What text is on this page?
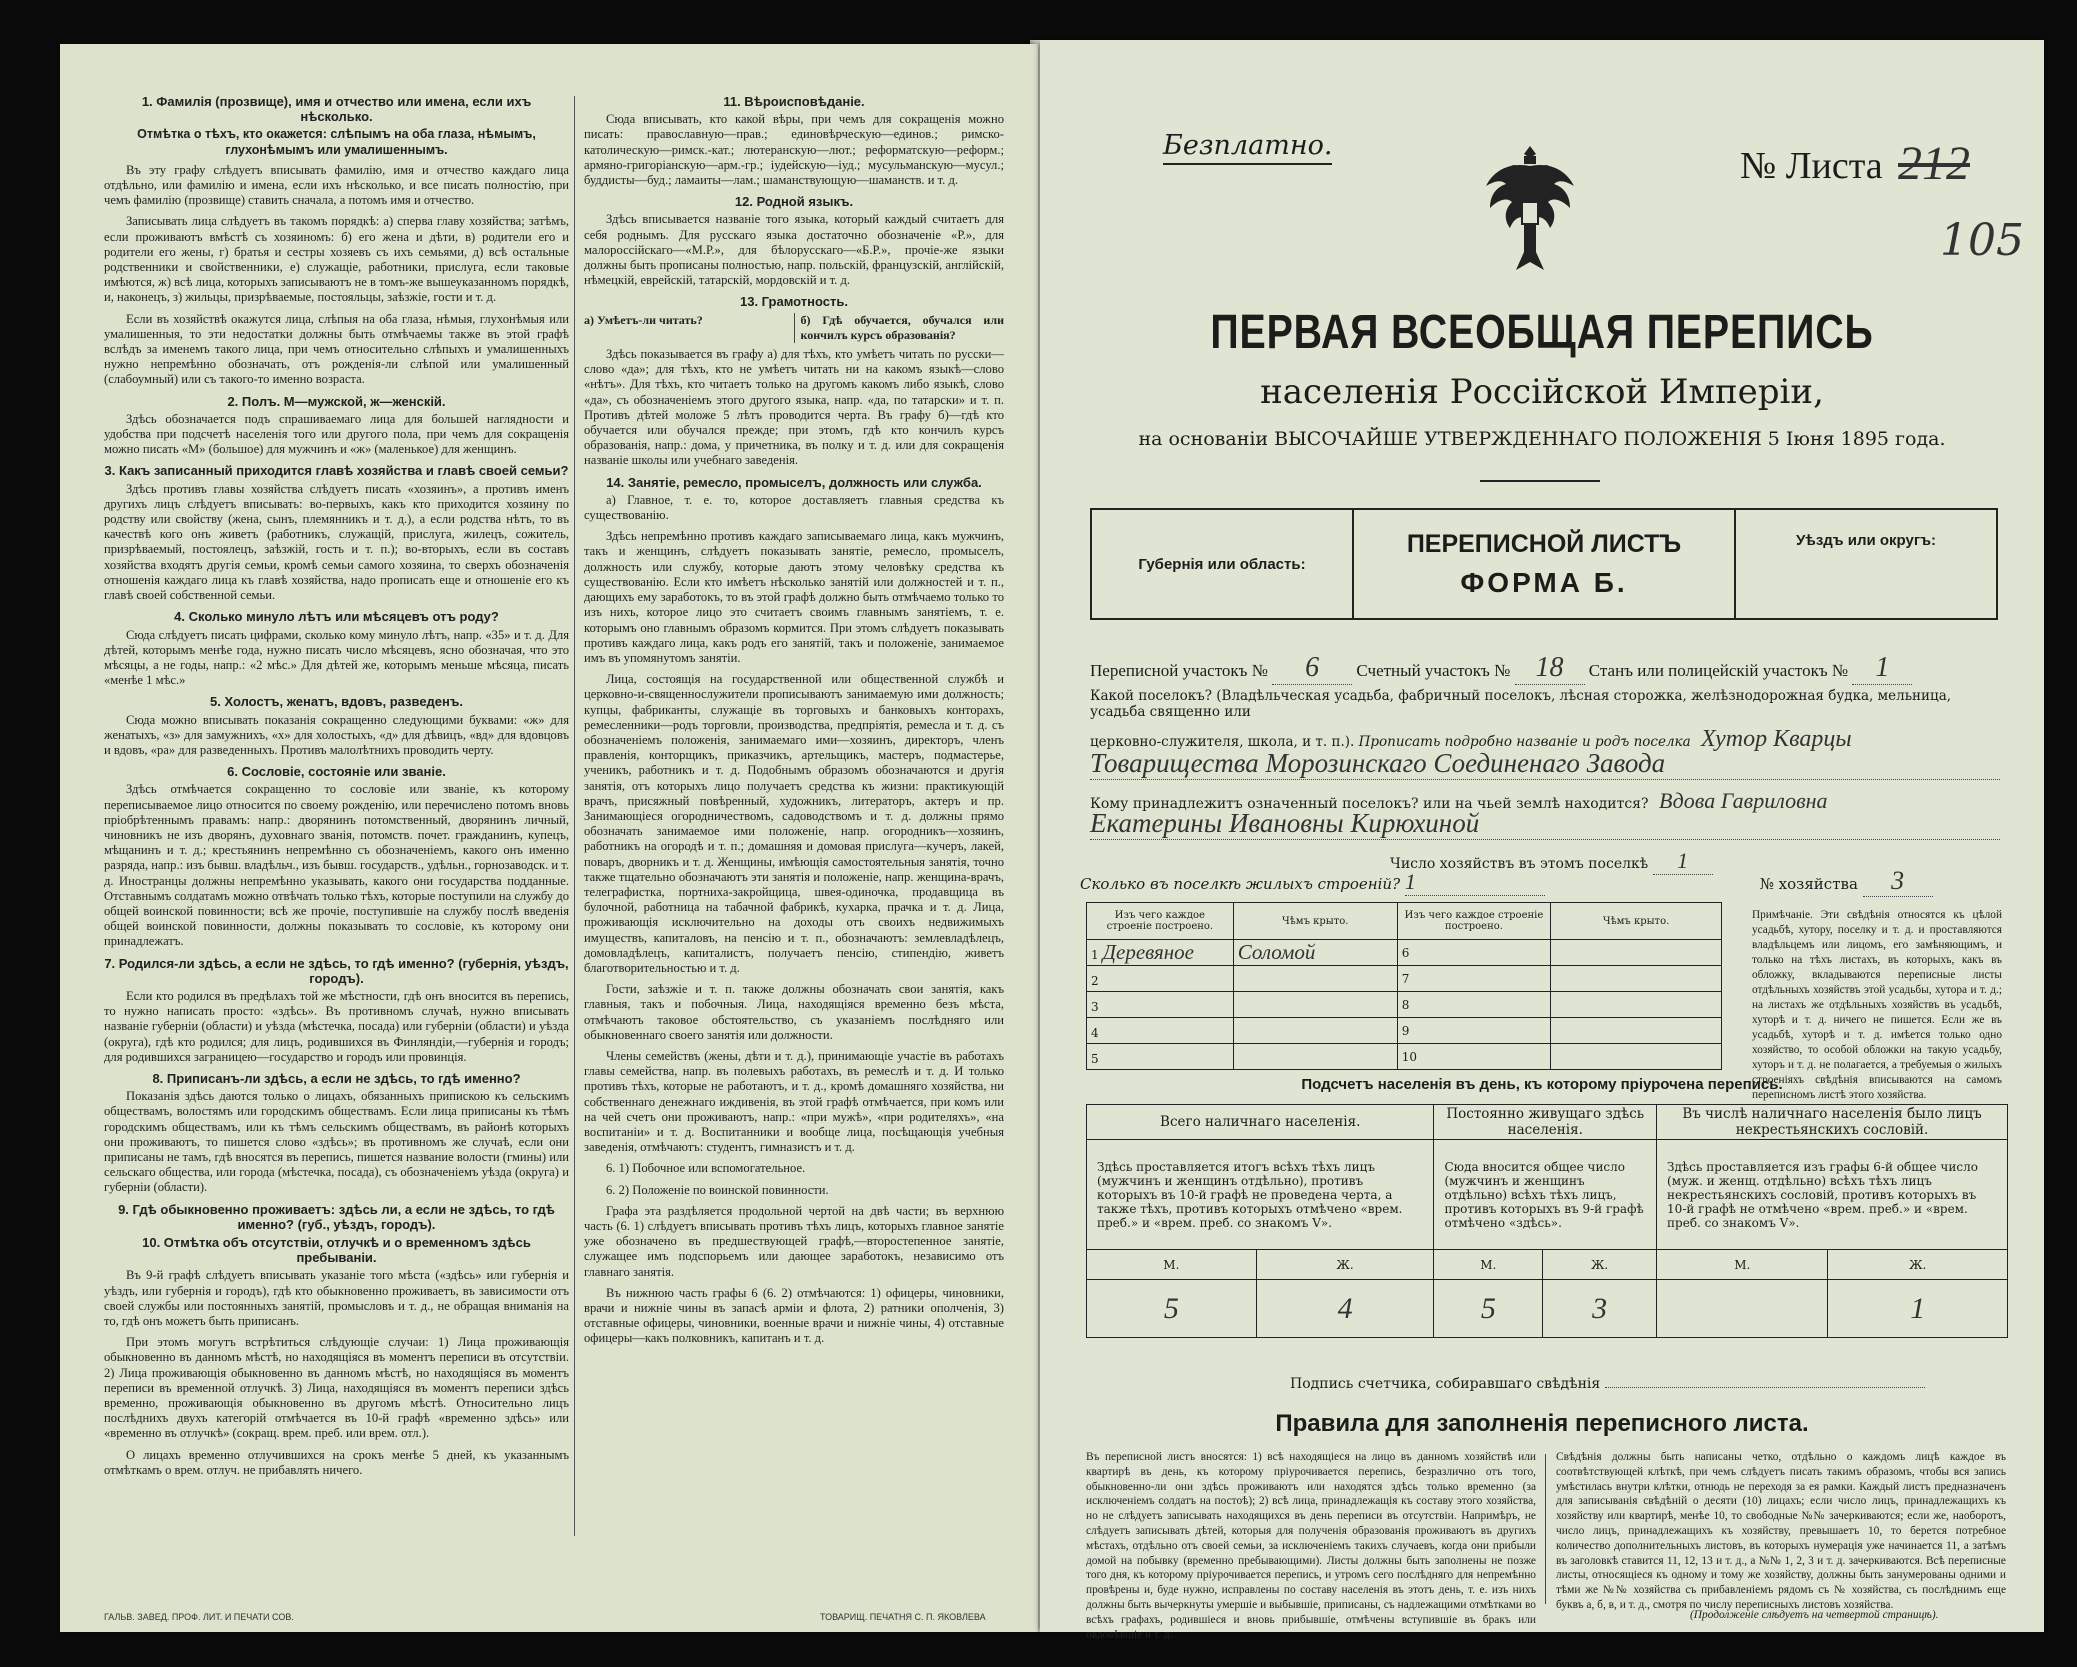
1. Фамилія (прозвище), имя и отчество или имена, если ихъ нѣсколько.
Отмѣтка о тѣхъ, кто окажется: слѣпымъ на оба глаза, нѣмымъ, глухонѣмымъ или умалишеннымъ.

Въ эту графу слѣдуетъ вписывать фамилію, имя и отчество каждаго лица отдѣльно, или фамилію и имена, если ихъ нѣсколько, и все писать полностію, при чемъ фамилію (прозвище) ставить сначала, а потомъ имя и отчество.

Записывать лица слѣдуетъ въ такомъ порядкѣ: а) сперва главу хозяйства; затѣмъ, если проживаютъ вмѣстѣ съ хозяиномъ: б) его жена и дѣти, в) родители его и родители его жены, г) братья и сестры хозяевъ съ ихъ семьями, д) всѣ остальные родственники и свойственники, е) служащіе, работники, прислуга, если таковые имѣются, ж) всѣ лица, которыхъ записываютъ не в томъ-же вышеуказанномъ порядкѣ, и, наконецъ, з) жильцы, призрѣваемые, постояльцы, заѣзжіе, гости и т. д.

Если въ хозяйствѣ окажутся лица, слѣпыя на оба глаза, нѣмыя, глухонѣмыя или умалишенныя, то эти недостатки должны быть отмѣчаемы также въ этой графѣ вслѣдъ за именемъ такого лица, при чемъ относительно слѣпыхъ и умалишенныхъ нужно непремѣнно обозначать, отъ рожденія-ли слѣпой или умалишенный (слабоумный) или съ такого-то именно возраста.

2. Полъ. М—мужской, ж—женскій.

Здѣсь обозначается подъ спрашиваемаго лица для большей наглядности и удобства при подсчетѣ населенія того или другого пола, при чемъ для сокращенія можно писать «М» (большое) для мужчинъ и «ж» (маленькое) для женщинъ.

3. Какъ записанный приходится главѣ хозяйства и главѣ своей семьи?

Здѣсь противъ главы хозяйства слѣдуетъ писать «хозяинъ», а противъ именъ другихъ лицъ слѣдуетъ вписывать: во-первыхъ, какъ кто приходится хозяину по родству или свойству (жена, сынъ, племянникъ и т. д.), а если родства нѣтъ, то въ качествѣ кого онъ живетъ (работникъ, служащій, прислуга, жилецъ, сожитель, призрѣваемый, постоялецъ, заѣзжій, гость и т. п.); во-вторыхъ, если въ составъ хозяйства входятъ другія семьи, кромѣ семьи самого хозяина, то сверхъ обозначенія отношенія каждаго лица къ главѣ хозяйства, надо прописать еще и отношеніе его къ главѣ своей собственной семьи.

4. Сколько минуло лѣтъ или мѣсяцевъ отъ роду?

Сюда слѣдуетъ писать цифрами, сколько кому минуло лѣтъ, напр. «35» и т. д. Для дѣтей, которымъ менѣе года, нужно писать число мѣсяцевъ, ясно обозначая, что это мѣсяцы, а не годы, напр.: «2 мѣс.» Для дѣтей же, которымъ меньше мѣсяца, писать «менѣе 1 мѣс.»

5. Холостъ, женатъ, вдовъ, разведенъ.

Сюда можно вписывать показанія сокращенно следующими буквами: «ж» для женатыхъ, «з» для замужнихъ, «х» для холостыхъ, «д» для дѣвицъ, «вд» для вдовцовъ и вдовъ, «ра» для разведенныхъ. Противъ малолѣтнихъ проводить черту.

6. Сословіе, состояніе или званіе.

Здѣсь отмѣчается сокращенно то сословіе или званіе, къ которому переписываемое лицо относится по своему рожденію, или перечислено потомъ вновь пріобрѣтеннымъ правамъ: напр.: дворянинъ потомственный, дворянинъ личный, чиновникъ не изъ дворянъ, духовнаго званія, потомств. почет. гражданинъ, купецъ, мѣщанинъ и т. д.; крестьянинъ непремѣнно съ обозначеніемъ, какого онъ именно разряда, напр.: изъ бывш. владѣльч., изъ бывш. государств., удѣльн., горнозаводск. и т. д. Иностранцы должны непремѣнно указывать, какого они государства подданные. Отставнымъ солдатамъ можно отвѣчать только тѣхъ, которые поступили на службу до общей воинской повинности; всѣ же прочіе, поступившіе на службу послѣ введенія общей воинской повинности, должны показывать то сословіе, къ которому они принадлежатъ.

7. Родился-ли здѣсь, а если не здѣсь, то гдѣ именно? (губернія, уѣздъ, городъ).

Если кто родился въ предѣлахъ той же мѣстности, гдѣ онъ вносится въ перепись, то нужно написать просто: «здѣсь». Въ противномъ случаѣ, нужно вписывать названіе губерніи (области) и уѣзда (мѣстечка, посада) или губерніи (области) и уѣзда (округа), гдѣ кто родился; для лицъ, родившихся въ Финляндіи,—губернія и городъ; для родившихся заграницею—государство и городъ или провинція.

8. Приписанъ-ли здѣсь, а если не здѣсь, то гдѣ именно?

Показанія здѣсь даются только о лицахъ, обязанныхъ припискою къ сельскимъ обществамъ, волостямъ или городскимъ обществамъ. Если лица приписаны къ тѣмъ городскимъ обществамъ, или къ тѣмъ сельскимъ обществамъ, въ районѣ которыхъ они проживаютъ, то пишется слово «здѣсь»; въ противномъ же случаѣ, если они приписаны не тамъ, гдѣ вносятся въ перепись, пишется название волости (гмины) или сельскаго общества, или города (мѣстечка, посада), съ обозначеніемъ уѣзда (округа) и губерніи (области).

9. Гдѣ обыкновенно проживаетъ: здѣсь ли, а если не здѣсь, то гдѣ именно? (губ., уѣздъ, городъ).
10. Отмѣтка объ отсутствіи, отлучкѣ и о временномъ здѣсь пребываніи.

Въ 9-й графѣ слѣдуетъ вписывать указаніе того мѣста («здѣсь» или губернія и уѣздъ, или губернія и городъ), гдѣ кто обыкновенно проживаетъ, въ зависимости отъ своей службы или постоянныхъ занятій, промысловъ и т. д., не обращая вниманія на то, гдѣ онъ можетъ быть приписанъ.

При этомъ могутъ встрѣтиться слѣдующіе случаи: 1) Лица проживающія обыкновенно въ данномъ мѣстѣ, но находящіяся въ моментъ переписи въ отсутствіи. 2) Лица проживающія обыкновенно въ данномъ мѣстѣ, но находящіяся въ моментъ переписи въ временной отлучкѣ. 3) Лица, находящіяся въ моментъ переписи здѣсь временно, проживающія обыкновенно въ другомъ мѣстѣ. Относительно лицъ послѣднихъ двухъ категорій отмѣчается въ 10-й графѣ «временно здѣсь» или «временно въ отлучкѣ» (сокращ. врем. преб. или врем. отл.).

О лицахъ временно отлучившихся на срокъ менѣе 5 дней, къ указаннымъ отмѣткамъ о врем. отлуч. не прибавлять ничего.

11. Вѣроисповѣданіе.

Сюда вписывать, кто какой вѣры, при чемъ для сокращенія можно писать: православную—прав.; единовѣрческую—единов.; римско-католическую—римск.-кат.; лютеранскую—лют.; реформатскую—реформ.; армяно-григоріанскую—арм.-гр.; іудейскую—іуд.; мусульманскую—мусул.; буддисты—буд.; ламаиты—лам.; шаманствующую—шаманств. и т. д.

12. Родной языкъ.

Здѣсь вписывается названіе того языка, который каждый считаетъ для себя роднымъ. Для русскаго языка достаточно обозначеніе «Р.», для малороссійскаго—«М.Р.», для бѣлорусскаго—«Б.Р.», прочіе-же языки должны быть прописаны полностью, напр. польскій, французскій, англійскій, нѣмецкій, еврейскій, татарскій, мордовскій и т. д.

13. Грамотность.
а) Умѣетъ-ли читать?	б) Гдѣ обучается, обучался или кончилъ курсъ образованія?

Здѣсь показывается въ графу а) для тѣхъ, кто умѣетъ читать по русски—слово «да»; для тѣхъ, кто не умѣетъ читать ни на какомъ языкѣ—слово «нѣтъ». Для тѣхъ, кто читаетъ только на другомъ какомъ либо языкѣ, слово «да», съ обозначеніемъ этого другого языка, напр. «да, по татарски» и т. п. Противъ дѣтей моложе 5 лѣтъ проводится черта. Въ графу б)—гдѣ кто обучается или обучался прежде; при этомъ, гдѣ кто кончилъ курсъ образованія, напр.: дома, у причетника, въ полку и т. д. или для сокращенія названіе школы или учебнаго заведенія.

14. Занятіе, ремесло, промыселъ, должность или служба.

а) Главное, т. е. то, которое доставляетъ главныя средства къ существованію.

Здѣсь непремѣнно противъ каждаго записываемаго лица, какъ мужчинъ, такъ и женщинъ, слѣдуетъ показывать занятіе, ремесло, промыселъ, должность или службу, которые даютъ этому человѣку средства къ существованію. Если кто имѣетъ нѣсколько занятій или должностей и т. п., дающихъ ему заработокъ, то въ этой графѣ должно быть отмѣчаемо только то изъ нихъ, которое лицо это считаетъ своимъ главнымъ занятіемъ, т. е. которымъ оно главнымъ образомъ кормится. При этомъ слѣдуетъ показывать противъ каждаго лица, какъ родъ его занятій, такъ и положеніе, занимаемое имъ въ упомянутомъ занятіи.

Лица, состоящія на государственной или общественной службѣ и церковно-и-священнослужители прописываютъ занимаемую ими должность; купцы, фабриканты, служащіе въ торговыхъ и банковыхъ конторахъ, ремесленники—родъ торговли, производства, предпріятія, ремесла и т. д. съ обозначеніемъ положенія, занимаемаго ими—хозяинъ, директоръ, членъ правленія, конторщикъ, приказчикъ, артельщикъ, мастеръ, подмастерье, ученикъ, работникъ и т. д. Подобнымъ образомъ обозначаются и другія занятія, отъ которыхъ лицо получаетъ средства къ жизни: практикующій врачъ, присяжный повѣренный, художникъ, литераторъ, актеръ и пр. Занимающіеся огородничествомъ, садоводствомъ и т. д. должны прямо обозначать занимаемое ими положеніе, напр. огородникъ—хозяинъ, работникъ на огородѣ и т. п.; домашняя и домовая прислуга—кучеръ, лакей, поваръ, дворникъ и т. д. Женщины, имѣющія самостоятельныя занятія, точно также тщательно обозначаютъ эти занятія и положеніе, напр. женщина-врачъ, телеграфистка, портниха-закройщица, швея-одиночка, продавщица въ булочной, работница на табачной фабрикѣ, кухарка, прачка и т. д. Лица, проживающія исключительно на доходы отъ своихъ недвижимыхъ имуществъ, капиталовъ, на пенсію и т. п., обозначаютъ: землевладѣлецъ, домовладѣлецъ, капиталистъ, получаетъ пенсію, стипендію, живетъ благотворительностью и т. д.

Гости, заѣзжіе и т. п. также должны обозначать свои занятія, какъ главныя, такъ и побочныя. Лица, находящіяся временно безъ мѣста, отмѣчаютъ таковое обстоятельство, съ указаніемъ послѣдняго или обыкновеннаго своего занятія или должности.

Члены семействъ (жены, дѣти и т. д.), принимающіе участіе въ работахъ главы семейства, напр. въ полевыхъ работахъ, въ ремеслѣ и т. д. И только противъ тѣхъ, которые не работаютъ, и т. д., кромѣ домашняго хозяйства, ни собственнаго денежнаго иждивенія, въ этой графѣ отмѣчается, при комъ или на чей счетъ они проживаютъ, напр.: «при мужѣ», «при родителяхъ», «на воспитаніи» и т. д. Воспитанники и вообще лица, посѣщающія учебныя заведенія, отмѣчаютъ: студентъ, гимназистъ и т. д.

6. 1) Побочное или вспомогательное.

6. 2) Положеніе по воинской повинности.

Графа эта раздѣляется продольной чертой на двѣ части; въ верхнюю часть (6. 1) слѣдуетъ вписывать противъ тѣхъ лицъ, которыхъ главное занятіе уже обозначено въ предшествующей графѣ,—второстепенное занятіе, служащее имъ подспорьемъ или дающее заработокъ, независимо отъ главнаго занятія.

Въ нижнюю часть графы 6 (6. 2) отмѣчаются: 1) офицеры, чиновники, врачи и нижніе чины въ запасѣ армiи и флота, 2) ратники ополченія, 3) отставные офицеры, чиновники, военные врачи и нижніе чины, 4) отставные офицеры—какъ полковникъ, капитанъ и т. д.

ГАЛЬВ. ЗАВЕД. ПРОФ. ЛИТ. И ПЕЧАТИ СОВ.	ТОВАРИЩ. ПЕЧАТНЯ С. П. ЯКОВЛЕВА
Безплатно.	№ Листа 212
105
ПЕРВАЯ ВСЕОБЩАЯ ПЕРЕПИСЬ
населенія Россійской Имперіи,
на основаніи ВЫСОЧАЙШЕ УТВЕРЖДЕННАГО ПОЛОЖЕНІЯ 5 Іюня 1895 года.
Губернія или область:
ПЕРЕПИСНОЙ ЛИСТЪ
ФОРМА Б.
Уѣздъ или округъ:
Переписной участокъ № 6 Счетный участокъ № 18 Станъ или полицейскій участокъ № 1
Какой поселокъ? (Владѣльческая усадьба, фабричный поселокъ, лѣсная сторожка, желѣзнодорожная будка, мельница, усадьба священно или
церковно-служителя, школа, и т. п.). Прописать подробно названіе и родъ поселка Хутор Кварцы
Товарищества Морозинскаго Соединенаго Завода
Кому принадлежитъ означенный поселокъ? или на чьей землѣ находится? Вдова Гавриловна
Екатерины Ивановны Кирюхиной
Число хозяйствъ въ этомъ поселкѣ 1
Сколько въ поселкѣ жилыхъ строеній? 1	№ хозяйства 3
Изъ чего каждое строеніе построено.	Чѣмъ крыто.	Изъ чего каждое строеніе построено.	Чѣмъ крыто.
1 Деревяное	Соломой	6	
2		7	
3		8	
4		9	
5		10	
Примѣчаніе. Эти свѣдѣнія относятся къ цѣлой усадьбѣ, хутору, поселку и т. д. и проставляются владѣльцемъ или лицомъ, его замѣняющимъ, и только на тѣхъ листахъ, въ которыхъ, какъ въ обложку, вкладываются переписные листы отдѣльныхъ хозяйствъ этой усадьбы, хутора и т. д.; на листахъ же отдѣльныхъ хозяйствъ въ усадьбѣ, хуторѣ и т. д. ничего не пишется. Если же въ усадьбѣ, хуторѣ и т. д. имѣется только одно хозяйство, то особой обложки на такую усадьбу, хуторъ и т. д. не полагается, а требуемыя о жилыхъ строеніяхъ свѣдѣнія вписываются на самомъ переписномъ листѣ этого хозяйства.
Подсчетъ населенія въ день, къ которому пріурочена перепись.
Всего наличнаго населенія.		Постоянно живущаго здѣсь населенія.		Въ числѣ наличнаго населенія было лицъ некрестьянскихъ сословій.	
Здѣсь проставляется итогъ всѣхъ тѣхъ лицъ (мужчинъ и женщинъ отдѣльно), противъ которыхъ въ 10-й графѣ не проведена черта, а также тѣхъ, противъ которыхъ отмѣчено «врем. преб.» и «врем. преб. со знакомъ V».		Сюда вносится общее число (мужчинъ и женщинъ отдѣльно) всѣхъ тѣхъ лицъ, противъ которыхъ въ 9-й графѣ отмѣчено «здѣсь».		Здѣсь проставляется изъ графы 6-й общее число (муж. и женщ. отдѣльно) всѣхъ тѣхъ лицъ некрестьянскихъ сословій, противъ которыхъ въ 10-й графѣ не отмѣчено «врем. преб.» и «врем. преб. со знакомъ V».	
М.	Ж.	М.	Ж.	М.	Ж.
5	4	5	3		1
Подпись счетчика, собиравшаго свѣдѣнія
Правила для заполненія переписного листа.
Въ переписной листъ вносятся: 1) всѣ находящіеся на лицо въ данномъ хозяйствѣ или квартирѣ въ день, къ которому пріурочивается перепись, безразлично отъ того, обыкновенно-ли они здѣсь проживаютъ или находятся здѣсь только временно (за исключеніемъ солдатъ на постоѣ); 2) всѣ лица, принадлежащія къ составу этого хозяйства, но не слѣдуетъ записывать находящихся въ день переписи въ отсутствіи. Напримѣръ, не слѣдуетъ записывать дѣтей, которыя для полученія образованія проживаютъ въ другихъ мѣстахъ, отдѣльно отъ своей семьи, за исключеніемъ такихъ случаевъ, когда они прибыли домой на побывку (временно пребывающими). Листы должны быть заполнены не позже того дня, къ которому пріурочивается перепись, и утромъ сего послѣдняго для непремѣнно провѣрены и, буде нужно, исправлены по составу населенія въ этотъ день, т. е. изъ нихъ должны быть вычеркнуты умершіе и выбывшіе, приписаны, съ надлежащими отмѣтками во всѣхъ графахъ, родившіеся и вновь прибывшіе, отмѣчены вступившіе въ бракъ или овдовѣвшіе и т. д.
Свѣдѣнія должны быть написаны четко, отдѣльно о каждомъ лицѣ каждое въ соотвѣтствующей клѣткѣ, при чемъ слѣдуетъ писать такимъ образомъ, чтобы вся запись умѣстилась внутри клѣтки, отнюдь не переходя за ея рамки. Каждый листъ предназначенъ для записыванія свѣдѣній о десяти (10) лицахъ; если число лицъ, принадлежащихъ къ хозяйству или квартирѣ, менѣе 10, то свободные №№ зачеркиваются; если же, наоборотъ, число лицъ, принадлежащихъ къ хозяйству, превышаетъ 10, то берется потребное количество дополнительныхъ листовъ, въ которыхъ нумерація уже начинается 11, а затѣмъ въ заголовкѣ ставится 11, 12, 13 и т. д., а №№ 1, 2, 3 и т. д. зачеркиваются. Всѣ переписные листы, относящіеся къ одному и тому же хозяйству, должны быть занумерованы одними и тѣми же №№ хозяйства съ прибавленіемъ рядомъ съ № хозяйства, съ послѣднимъ еще буквъ а, б, в, и т. д., смотря по числу переписныхъ листовъ хозяйства.
(Продолженіе слѣдуетъ на четвертой страницѣ).
